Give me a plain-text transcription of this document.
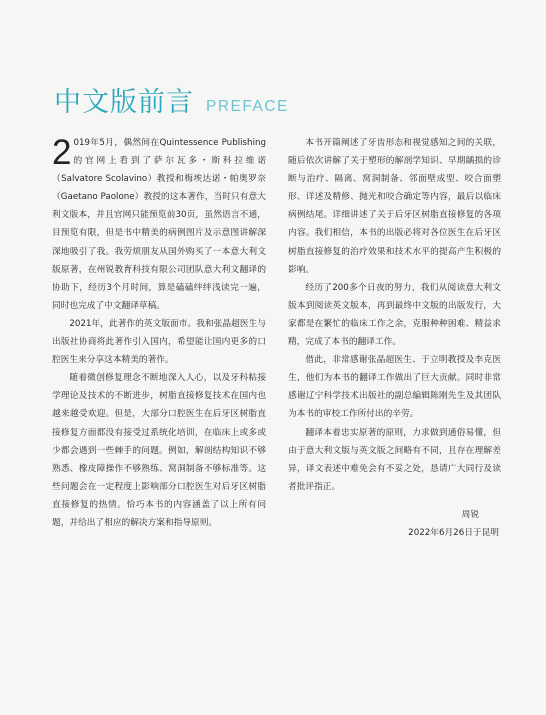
中文版前言 PREFACE

2 019年5月，偶然间在Quintessence Publishing的官网上看到了萨尔瓦多・斯科拉维诺（Salvatore Scolavino）教授和梅埃达诺・帕奥罗奈（Gaetano Paolone）教授的这本著作，当时只有意大利文版本，并且官网只能预览前30页，虽然语言不通，目预览有限，但是书中精美的病例图片及示意图讲解深深地吸引了我。我劳烦朋友从国外购买了一本意大利文版原著，在州锐教育科技有限公司团队意大利文翻译的协助下，经历3个月时间，算是磕磕绊绊浅读完一遍，同时也完成了中文翻译草稿。

2021年，此著作的英文版面市。我和张晶超医生与出版社协商将此著作引入国内，希望能让国内更多的口腔医生来分享这本精美的著作。

随着微创修复理念不断地深入人心，以及牙科粘接学理论及技术的不断进步，树脂直接修复技术在国内也越来越受欢迎。但是，大部分口腔医生在后牙区树脂直接修复方面都没有接受过系统化培训，在临床上或多或少都会遇到一些棘手的问题。例如，解剖结构知识不够熟悉、橡皮障操作不够熟练、窝洞制备不够标准等。这些问题会在一定程度上影响部分口腔医生对后牙区树脂直接修复的热情。恰巧本书的内容涵盖了以上所有问题，并给出了相应的解决方案和指导原则。

本书开篇阐述了牙齿形态和视觉感知之间的关联，随后依次讲解了关于塑形的解剖学知识、早期龋损的诊断与治疗、隔离、窝洞制备、邻面壁成型、咬合面塑形、详述及精修、抛光和咬合确定等内容，最后以临床病例结尾。详细讲述了关于后牙区树脂直接修复的各项内容。我们相信，本书的出版必将对各位医生在后牙区树脂直接修复的治疗效果和技术水平的提高产生积极的影响。

经历了200多个日夜的努力，我们从阅读意大利文版本到阅读英文版本，再到最终中文版的出版发行，大家都是在繁忙的临床工作之余，克服种种困难、精益求精，完成了本书的翻译工作。

借此，非常感谢张晶超医生、于立明教授及李克医生，他们为本书的翻译工作做出了巨大贡献。同时非常感谢辽宁科学技术出版社的副总编辑陈刚先生及其团队为本书的审校工作所付出的辛劳。

翻译本着忠实原著的原则，力求做到通俗易懂，但由于意大利文版与英文版之间略有不同，且存在理解差异，译文表述中难免会有不妥之处，恳请广大同行及读者批评指正。

周锐

2022年6月26日于昆明
